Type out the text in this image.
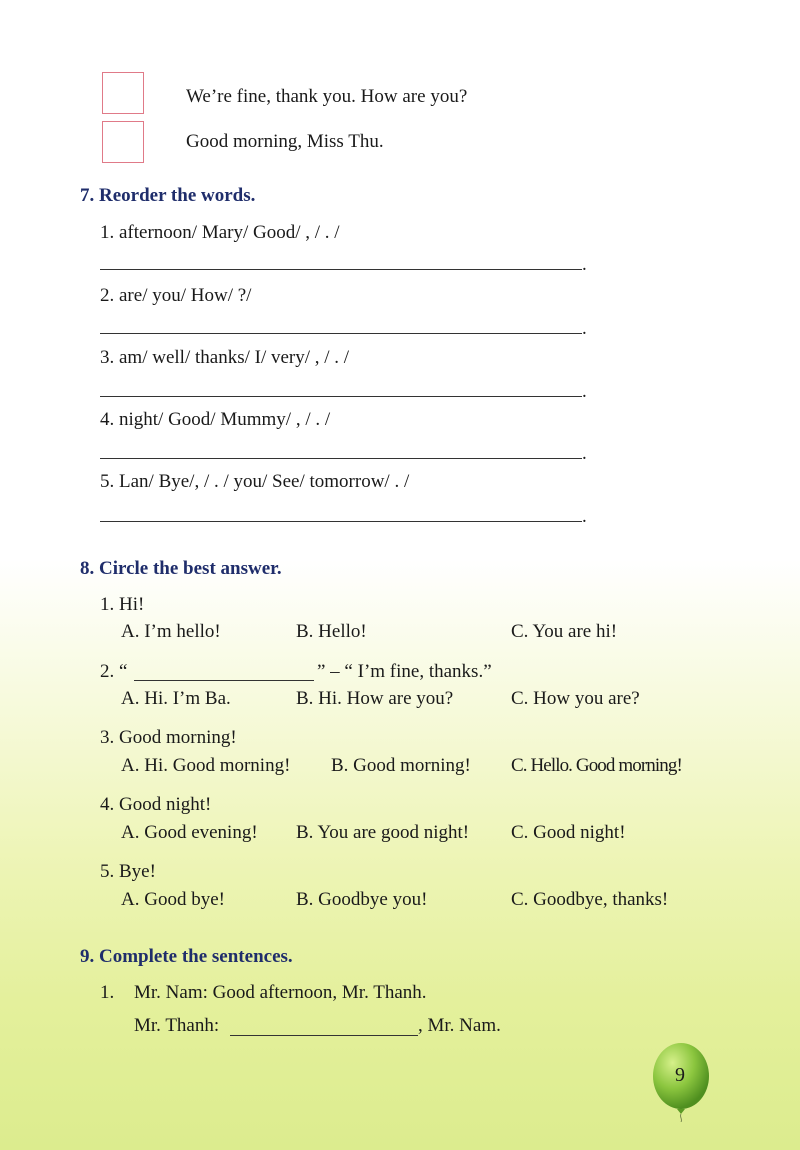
We’re fine, thank you. How are you?
Good morning, Miss Thu.
7. Reorder the words.
1. afternoon/ Mary/ Good/ , / . /
.
2. are/ you/ How/ ?/
.
3. am/ well/ thanks/ I/ very/ , / . /
.
4. night/ Good/ Mummy/ , / . /
.
5. Lan/ Bye/, / . / you/ See/ tomorrow/ . /
.
8. Circle the best answer.
1. Hi!
A. I’m hello!	B. Hello!	C. You are hi!
2. “	” – “ I’m fine, thanks.”
A. Hi. I’m Ba.	B. Hi. How are you?	C. How you are?
3. Good morning!
A. Hi. Good morning! B. Good morning! C. Hello. Good morning!
4. Good night!
A. Good evening! B. You are good night! C. Good night!
5. Bye!
A. Good bye!	B. Goodbye you!	C. Goodbye, thanks!
9. Complete the sentences.
1. Mr. Nam: Good afternoon, Mr. Thanh.
Mr. Thanh:	, Mr. Nam.
9
